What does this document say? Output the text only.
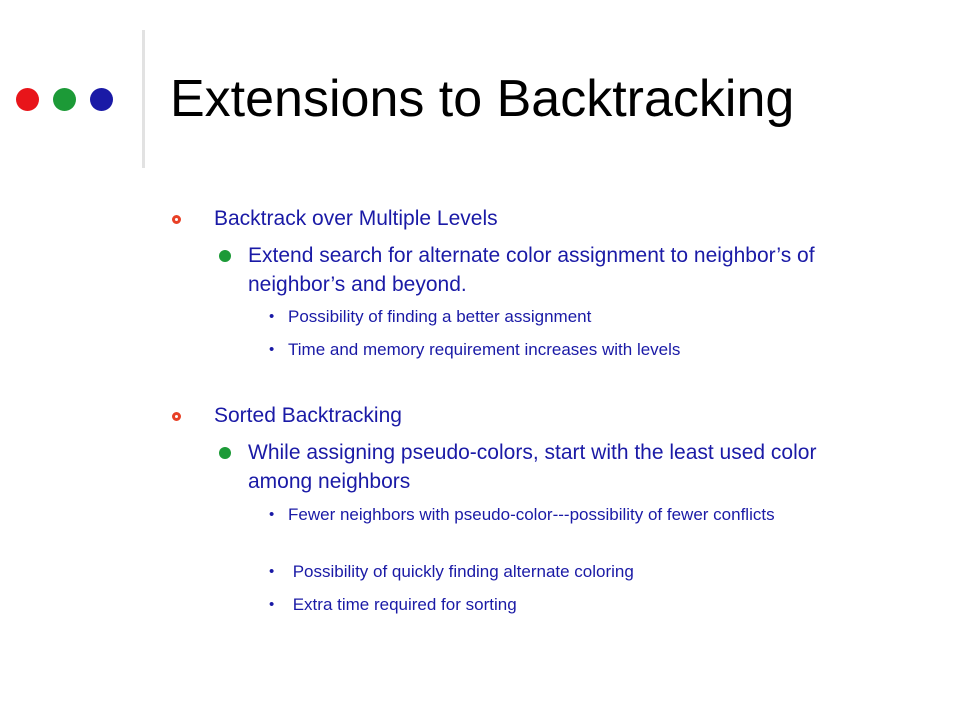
Extensions to Backtracking
Backtrack over Multiple Levels
Extend search for alternate color assignment to neighbor’s of neighbor’s and beyond.
• Possibility of finding a better assignment
• Time and memory requirement increases with levels
Sorted Backtracking
While assigning pseudo-colors, start with the least used color among neighbors
• Fewer neighbors with pseudo-color---possibility of fewer conflicts
• Possibility of quickly finding alternate coloring
• Extra time required for sorting
